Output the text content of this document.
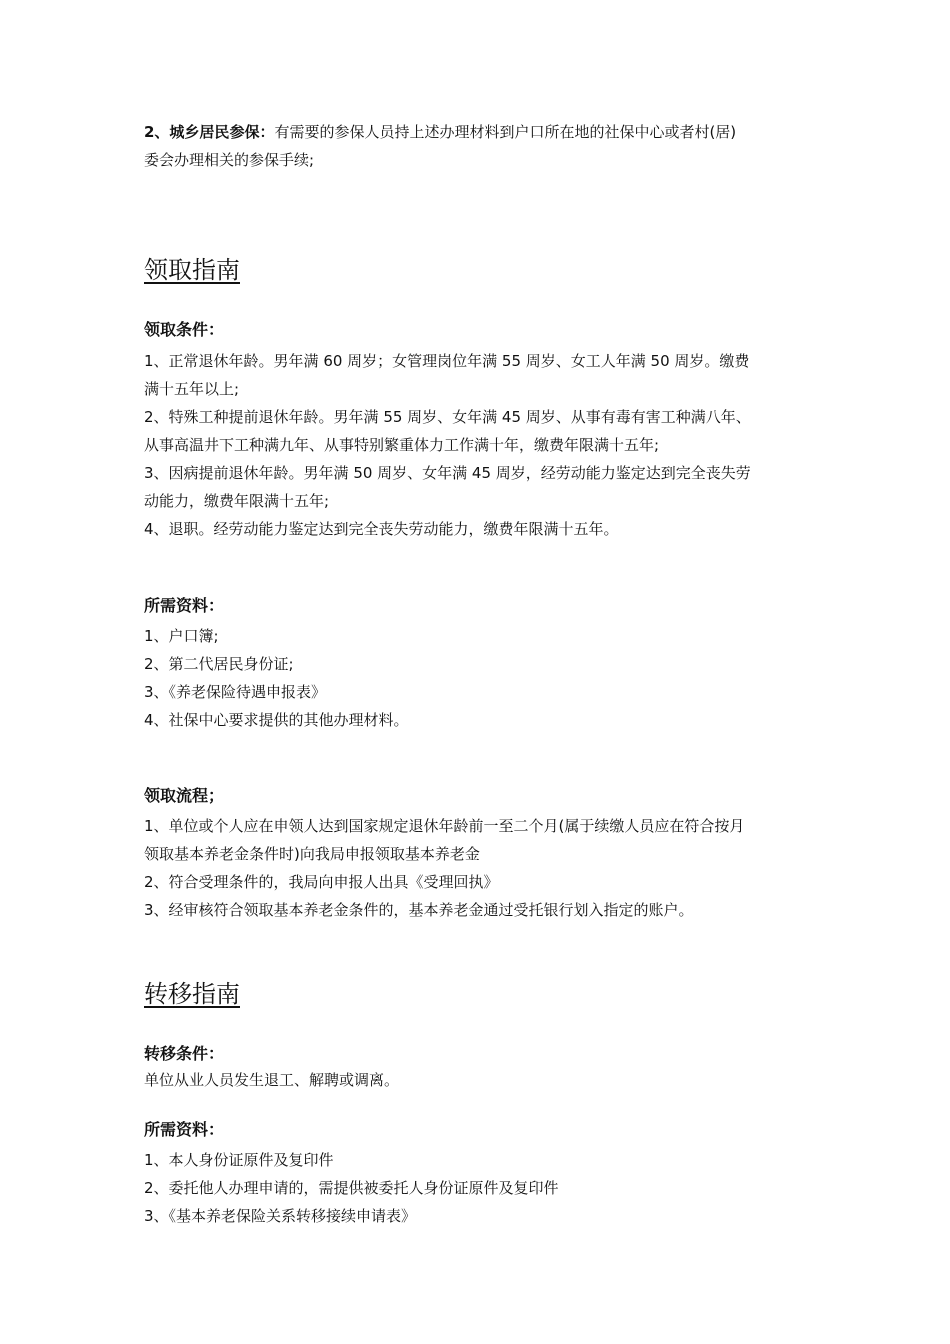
2、城乡居民参保：有需要的参保人员持上述办理材料到户口所在地的社保中心或者村(居)

委会办理相关的参保手续;

领取指南
领取条件：

1、正常退休年龄。男年满 60 周岁；女管理岗位年满 55 周岁、女工人年满 50 周岁。缴费

满十五年以上;

2、特殊工种提前退休年龄。男年满 55 周岁、女年满 45 周岁、从事有毒有害工种满八年、

从事高温井下工种满九年、从事特别繁重体力工作满十年，缴费年限满十五年;

3、因病提前退休年龄。男年满 50 周岁、女年满 45 周岁，经劳动能力鉴定达到完全丧失劳

动能力，缴费年限满十五年;

4、退职。经劳动能力鉴定达到完全丧失劳动能力，缴费年限满十五年。

所需资料：

1、户口簿;

2、第二代居民身份证;

3、《养老保险待遇申报表》

4、社保中心要求提供的其他办理材料。

领取流程；

1、单位或个人应在申领人达到国家规定退休年龄前一至二个月(属于续缴人员应在符合按月

领取基本养老金条件时)向我局申报领取基本养老金

2、符合受理条件的，我局向申报人出具《受理回执》

3、经审核符合领取基本养老金条件的，基本养老金通过受托银行划入指定的账户。

转移指南
转移条件：

单位从业人员发生退工、解聘或调离。

所需资料：

1、本人身份证原件及复印件

2、委托他人办理申请的，需提供被委托人身份证原件及复印件

3、《基本养老保险关系转移接续申请表》
